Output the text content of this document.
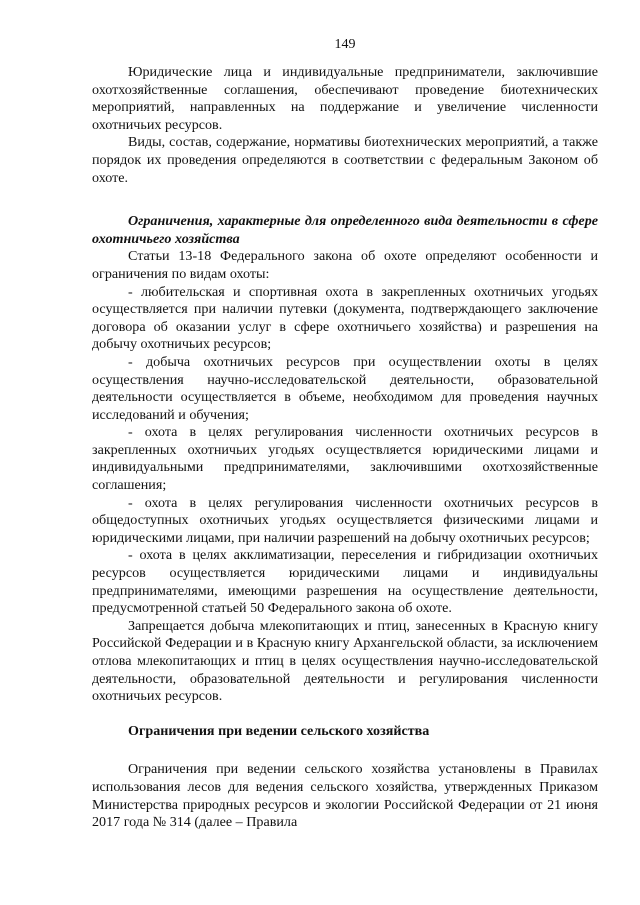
149

Юридические лица и индивидуальные предприниматели, заключившие охотхозяйственные соглашения, обеспечивают проведение биотехнических мероприятий, направленных на поддержание и увеличение численности охотничьих ресурсов.

Виды, состав, содержание, нормативы биотехнических мероприятий, а также порядок их проведения определяются в соответствии с федеральным Законом об охоте.

Ограничения, характерные для определенного вида деятельности в сфере охотничьего хозяйства

Статьи 13-18 Федерального закона об охоте определяют особенности и ограничения по видам охоты:

- любительская и спортивная охота в закрепленных охотничьих угодьях осуществляется при наличии путевки (документа, подтверждающего заключение договора об оказании услуг в сфере охотничьего хозяйства) и разрешения на добычу охотничьих ресурсов;

- добыча охотничьих ресурсов при осуществлении охоты в целях осуществления научно-исследовательской деятельности, образовательной деятельности осуществляется в объеме, необходимом для проведения научных исследований и обучения;

- охота в целях регулирования численности охотничьих ресурсов в закрепленных охотничьих угодьях осуществляется юридическими лицами и индивидуальными предпринимателями, заключившими охотхозяйственные соглашения;

- охота в целях регулирования численности охотничьих ресурсов в общедоступных охотничьих угодьях осуществляется физическими лицами и юридическими лицами, при наличии разрешений на добычу охотничьих ресурсов;

- охота в целях акклиматизации, переселения и гибридизации охотничьих ресурсов осуществляется юридическими лицами и индивидуальны предпринимателями, имеющими разрешения на осуществление деятельности, предусмотренной статьей 50 Федерального закона об охоте.

Запрещается добыча млекопитающих и птиц, занесенных в Красную книгу Российской Федерации и в Красную книгу Архангельской области, за исключением отлова млекопитающих и птиц в целях осуществления научно-исследовательской деятельности, образовательной деятельности и регулирования численности охотничьих ресурсов.

Ограничения при ведении сельского хозяйства

Ограничения при ведении сельского хозяйства установлены в Правилах использования лесов для ведения сельского хозяйства, утвержденных Приказом Министерства природных ресурсов и экологии Российской Федерации от 21 июня 2017 года № 314 (далее – Правила
